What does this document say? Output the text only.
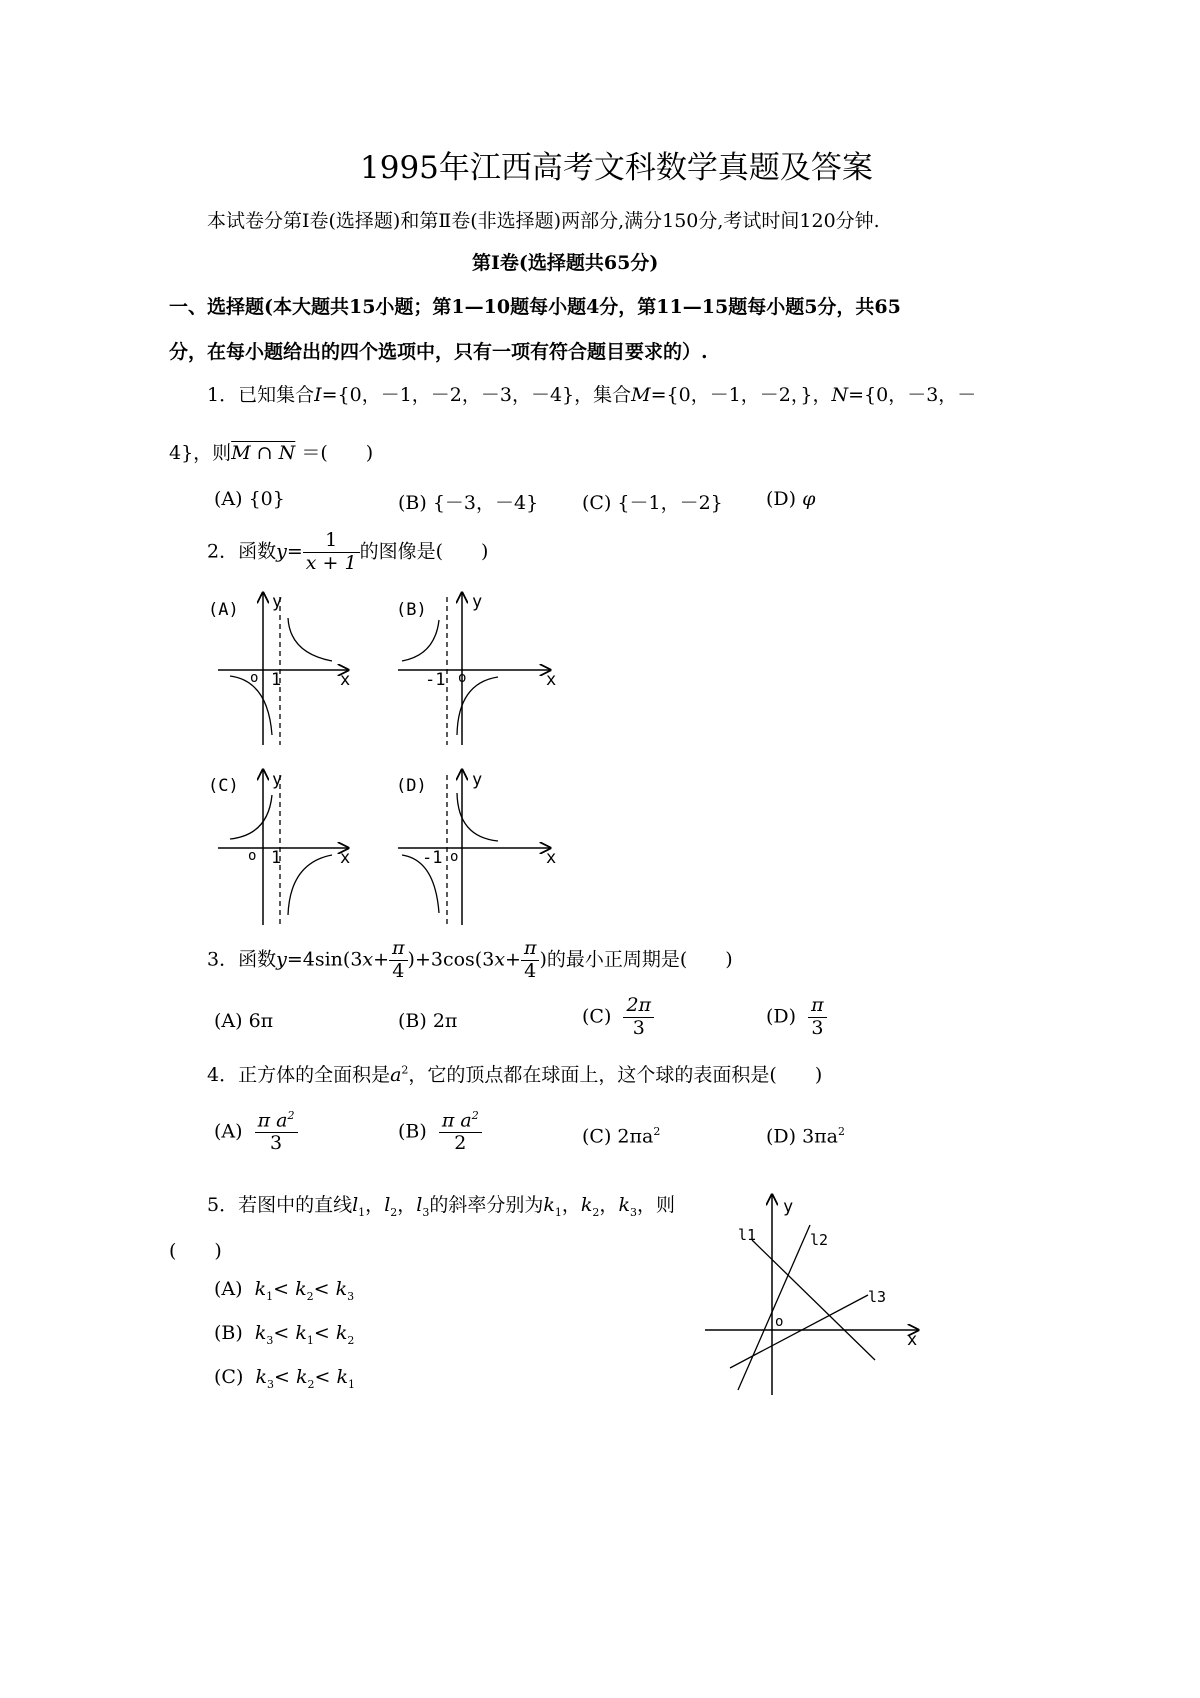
1995年江西高考文科数学真题及答案
本试卷分第Ⅰ卷(选择题)和第Ⅱ卷(非选择题)两部分,满分150分,考试时间120分钟.
第Ⅰ卷(选择题共65分)
一、选择题(本大题共15小题；第1—10题每小题4分，第11—15题每小题5分，共65
分，在每小题给出的四个选项中，只有一项有符合题目要求的）.
1．已知集合I={0，－1，－2，－3，－4}，集合M={0，－1，－2，}，N={0，－3，－
4}，则M ∩ N ＝(　　)
(A) {0}	(B) {－3，－4} (C) {－1，－2} (D) φ
2．函数$y= \frac{1}{x + 1}$ 的图像是(　　)
(A) y
x
o 1
(B)	y
x
o
-1
(C) y
x
o 1
(D)	y
x
o
-1
3．函数$y=4\sin(3x+ \frac{\pi}{4} )+3\cos(3x+ \frac{\pi}{4}$ )的最小正周期是(　　)
(A) 6π	(B) 2π	$(C) \frac{2\pi}{3}$	$(D) \frac{\pi}{3}$
4．正方体的全面积是$a^2$，它的顶点都在球面上，这个球的表面积是(　　)
$(A) \frac{\pi a^2}{3}$	$(B) \frac{\pi a^2}{2}$	(C) $2\pi a^2$	(D) $3\pi a^2$
5．若图中的直线$l_1$，$l_2$，$l_3$的斜率分别为$k_1$，$k_2$，$k_3$，则
(　　)
(A) $k_1< k_2< k_3$
(B) $k_3< k_1< k_2$
(C) $k_3< k_2< k_1$
y
x
o
l1	l2
l3
